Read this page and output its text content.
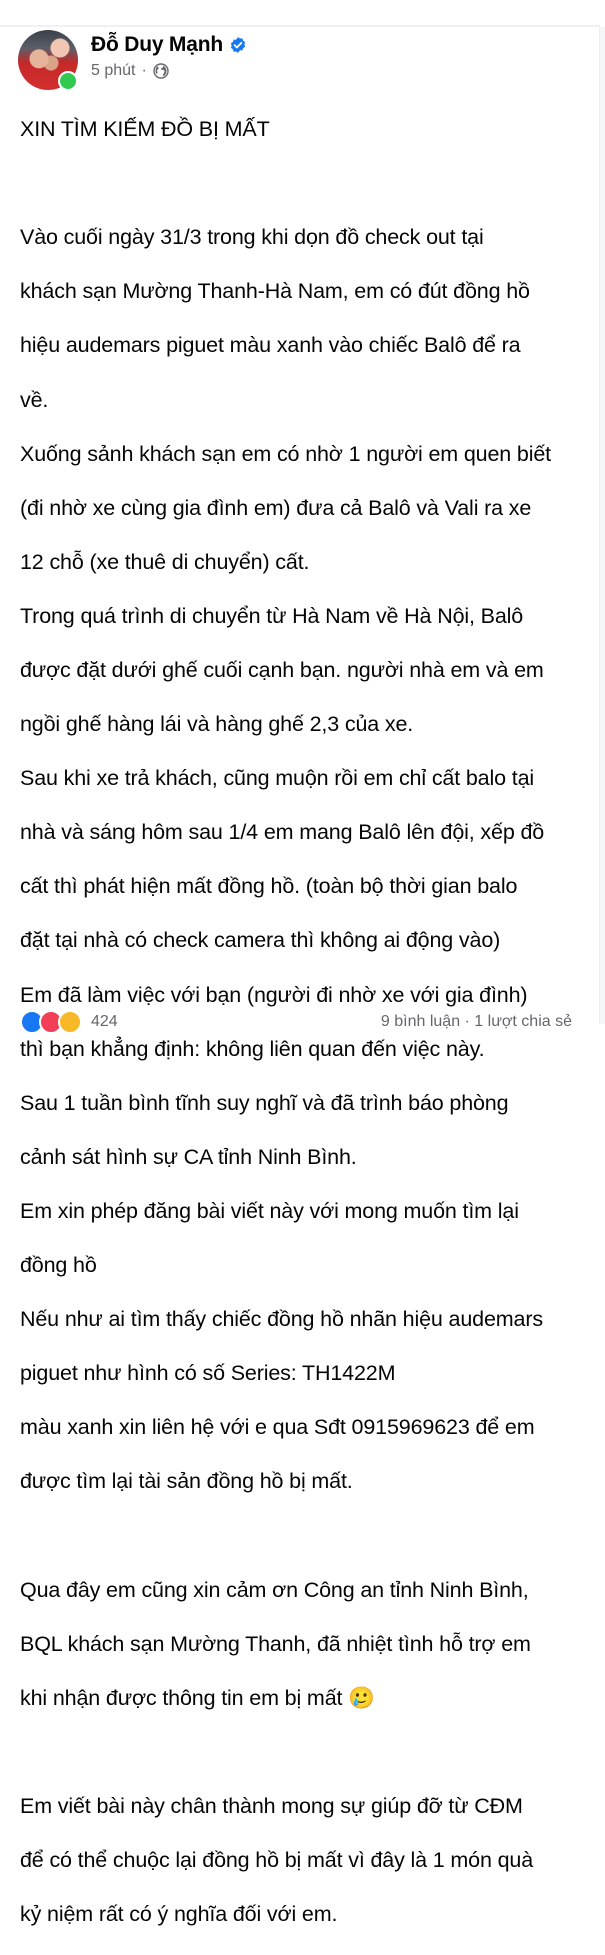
Đỗ Duy Mạnh
5 phút ·

XIN TÌM KIẾM ĐỒ BỊ MẤT

Vào cuối ngày 31/3 trong khi dọn đồ check out tại

khách sạn Mường Thanh-Hà Nam, em có đút đồng hồ

hiệu audemars piguet màu xanh vào chiếc Balô để ra

về.

Xuống sảnh khách sạn em có nhờ 1 người em quen biết

(đi nhờ xe cùng gia đình em) đưa cả Balô và Vali ra xe

12 chỗ (xe thuê di chuyển) cất.

Trong quá trình di chuyển từ Hà Nam về Hà Nội, Balô

được đặt dưới ghế cuối cạnh bạn. người nhà em và em

ngồi ghế hàng lái và hàng ghế 2,3 của xe.

Sau khi xe trả khách, cũng muộn rồi em chỉ cất balo tại

nhà và sáng hôm sau 1/4 em mang Balô lên đội, xếp đồ

cất thì phát hiện mất đồng hồ. (toàn bộ thời gian balo

đặt tại nhà có check camera thì không ai động vào)

Em đã làm việc với bạn (người đi nhờ xe với gia đình)

thì bạn khẳng định: không liên quan đến việc này.

Sau 1 tuần bình tĩnh suy nghĩ và đã trình báo phòng

cảnh sát hình sự CA tỉnh Ninh Bình.

Em xin phép đăng bài viết này với mong muốn tìm lại

đồng hồ

Nếu như ai tìm thấy chiếc đồng hồ nhãn hiệu audemars

piguet như hình có số Series: TH1422M

màu xanh xin liên hệ với e qua Sđt 0915969623 để em

được tìm lại tài sản đồng hồ bị mất.

Qua đây em cũng xin cảm ơn Công an tỉnh Ninh Bình,

BQL khách sạn Mường Thanh, đã nhiệt tình hỗ trợ em

khi nhận được thông tin em bị mất 🥲

Em viết bài này chân thành mong sự giúp đỡ từ CĐM

để có thể chuộc lại đồng hồ bị mất vì đây là 1 món quà

kỷ niệm rất có ý nghĩa đối với em.

424	9 bình luận · 1 lượt chia sẻ
